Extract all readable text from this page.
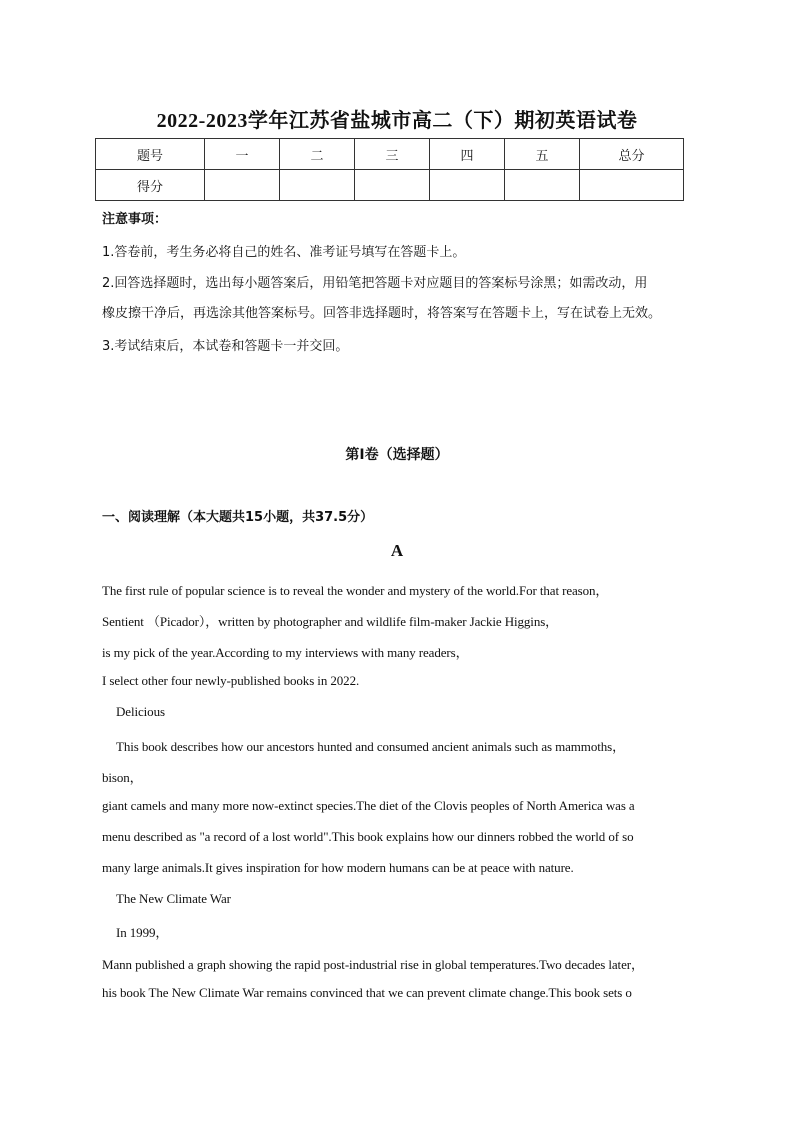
2022-2023学年江苏省盐城市高二（下）期初英语试卷
题号	一	二	三	四	五	总分
得分						
注意事项：
1.答卷前，考生务必将自己的姓名、准考证号填写在答题卡上。
2.回答选择题时，选出每小题答案后，用铅笔把答题卡对应题目的答案标号涂黑；如需改动，用
橡皮擦干净后，再选涂其他答案标号。回答非选择题时，将答案写在答题卡上，写在试卷上无效。
3.考试结束后，本试卷和答题卡一并交回。
第Ⅰ卷（选择题）
一、阅读理解（本大题共15小题，共37.5分）
A
The first rule of popular science is to reveal the wonder and mystery of the world.For that reason，
Sentient （Picador），written by photographer and wildlife film-maker Jackie Higgins，
is my pick of the year.According to my interviews with many readers，
I select other four newly-published books in 2022.
Delicious
This book describes how our ancestors hunted and consumed ancient animals such as mammoths，
bison，
giant camels and many more now-extinct species.The diet of the Clovis peoples of North America was a
menu described as "a record of a lost world".This book explains how our dinners robbed the world of so
many large animals.It gives inspiration for how modern humans can be at peace with nature.
The New Climate War
In 1999，
Mann published a graph showing the rapid post-industrial rise in global temperatures.Two decades later，
his book The New Climate War remains convinced that we can prevent climate change.This book sets o
